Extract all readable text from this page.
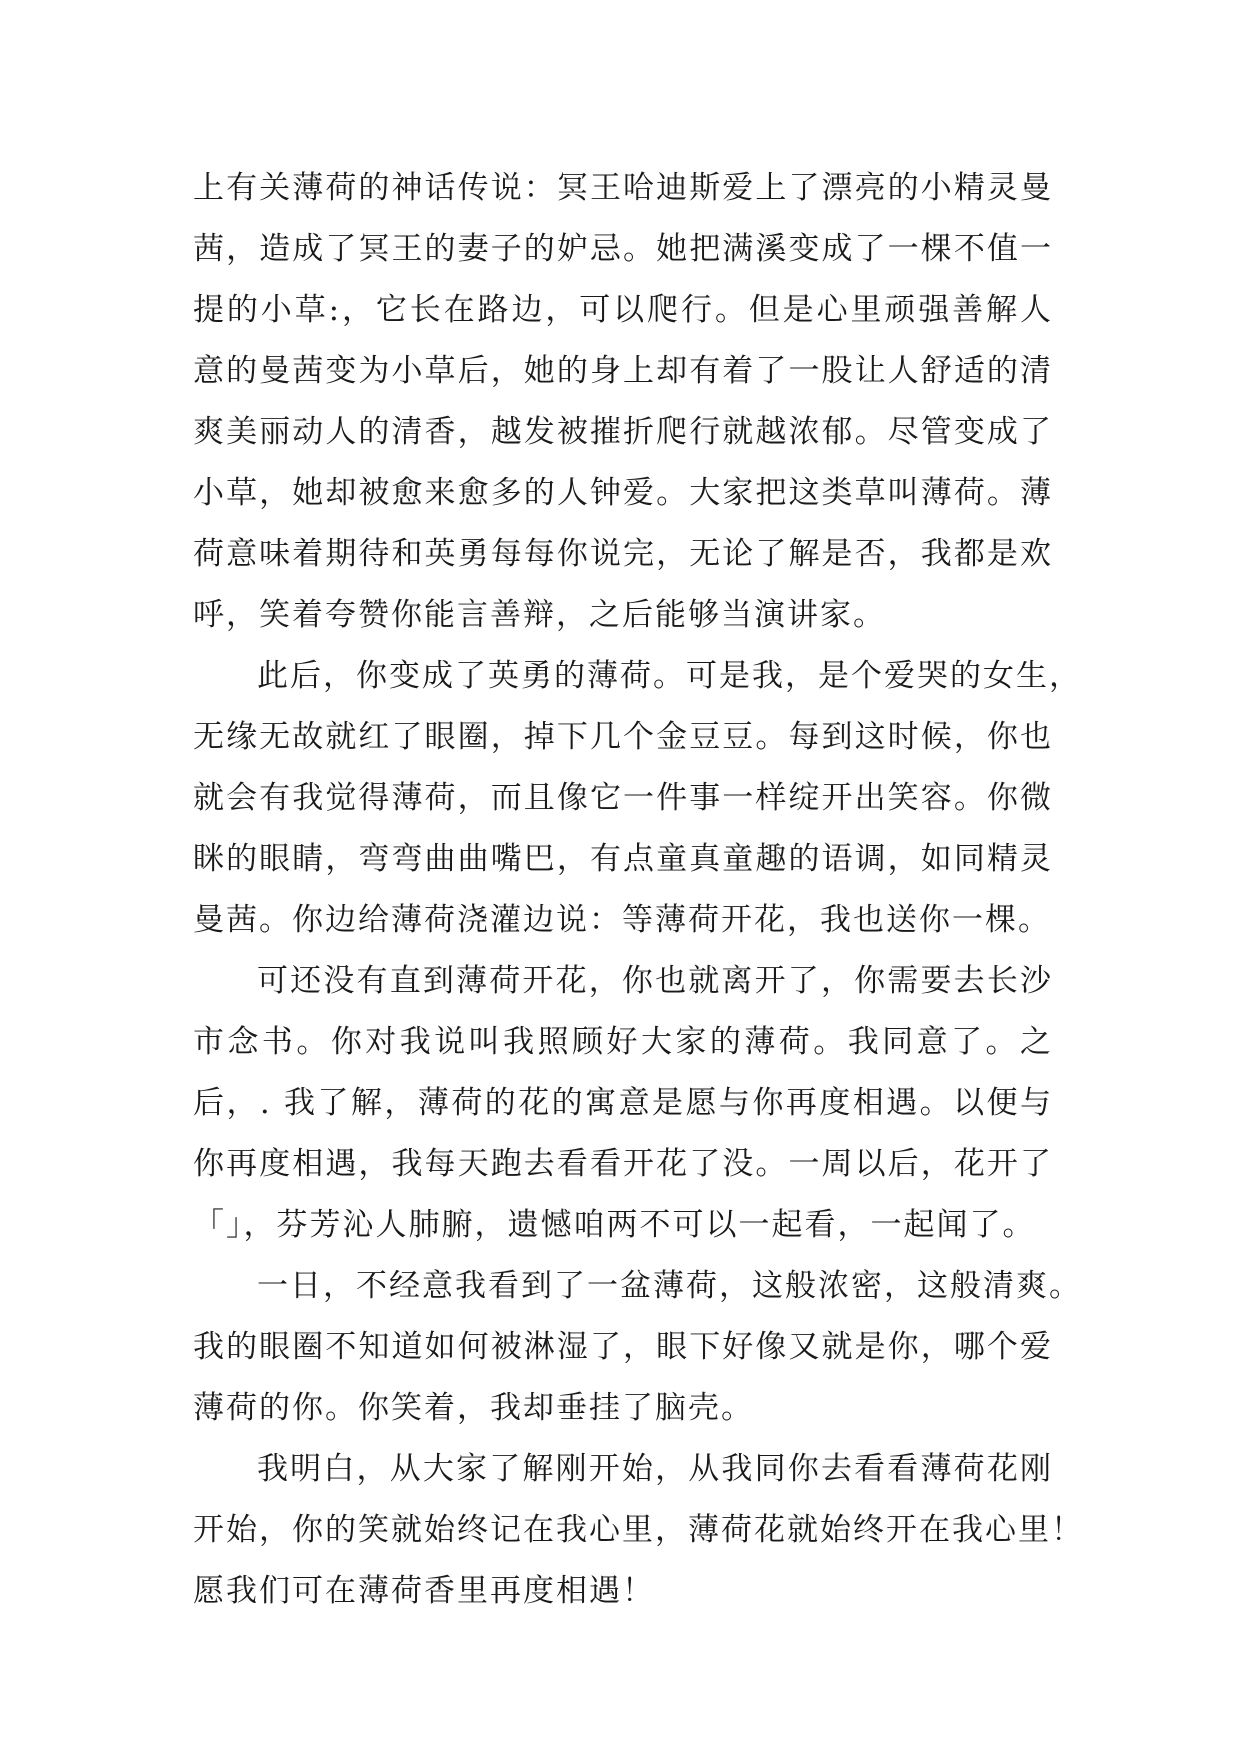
上有关薄荷的神话传说：冥王哈迪斯爱上了漂亮的小精灵曼
茜，造成了冥王的妻子的妒忌。她把满溪变成了一棵不值一
提的小草:，它长在路边，可以爬行。但是心里顽强善解人
意的曼茜变为小草后，她的身上却有着了一股让人舒适的清
爽美丽动人的清香，越发被摧折爬行就越浓郁。尽管变成了
小草，她却被愈来愈多的人钟爱。大家把这类草叫薄荷。薄
荷意味着期待和英勇每每你说完，无论了解是否，我都是欢
呼，笑着夸赞你能言善辩，之后能够当演讲家。
此后，你变成了英勇的薄荷。可是我，是个爱哭的女生，
无缘无故就红了眼圈，掉下几个金豆豆。每到这时候，你也
就会有我觉得薄荷，而且像它一件事一样绽开出笑容。你微
眯的眼睛，弯弯曲曲嘴巴，有点童真童趣的语调，如同精灵
曼茜。你边给薄荷浇灌边说：等薄荷开花，我也送你一棵。
可还没有直到薄荷开花，你也就离开了，你需要去长沙
市念书。你对我说叫我照顾好大家的薄荷。我同意了。之
后，. 我了解，薄荷的花的寓意是愿与你再度相遇。以便与
你再度相遇，我每天跑去看看开花了没。一周以后，花开了
「」，芬芳沁人肺腑，遗憾咱两不可以一起看，一起闻了。
一日，不经意我看到了一盆薄荷，这般浓密，这般清爽。
我的眼圈不知道如何被淋湿了，眼下好像又就是你，哪个爱
薄荷的你。你笑着，我却垂挂了脑壳。
我明白，从大家了解刚开始，从我同你去看看薄荷花刚
开始，你的笑就始终记在我心里，薄荷花就始终开在我心里！
愿我们可在薄荷香里再度相遇！
